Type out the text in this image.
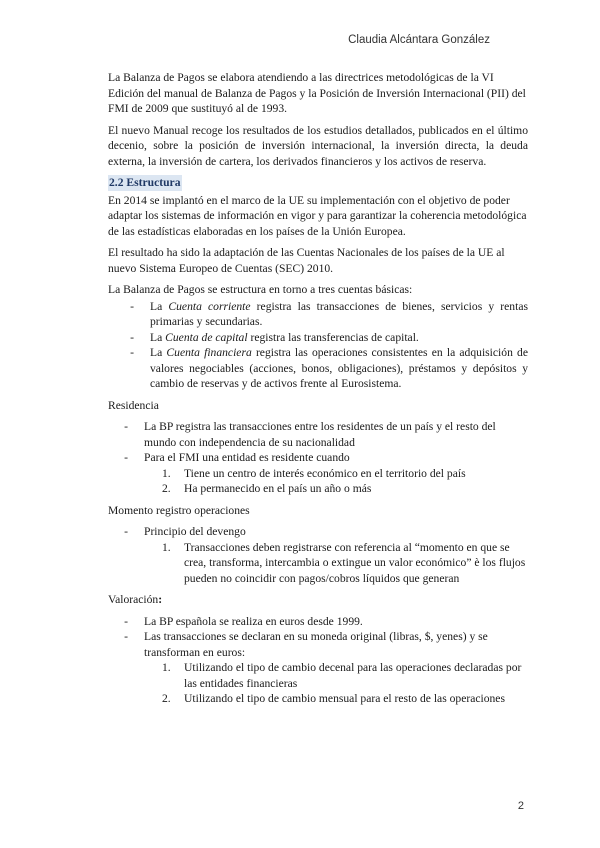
Claudia Alcántara González

La Balanza de Pagos se elabora atendiendo a las directrices metodológicas de la VI Edición del manual de Balanza de Pagos y la Posición de Inversión Internacional (PII) del FMI de 2009 que sustituyó al de 1993.

El nuevo Manual recoge los resultados de los estudios detallados, publicados en el último decenio, sobre la posición de inversión internacional, la inversión directa, la deuda externa, la inversión de cartera, los derivados financieros y los activos de reserva.

2.2 Estructura

En 2014 se implantó en el marco de la UE su implementación con el objetivo de poder adaptar los sistemas de información en vigor y para garantizar la coherencia metodológica de las estadísticas elaboradas en los países de la Unión Europea.

El resultado ha sido la adaptación de las Cuentas Nacionales de los países de la UE al nuevo Sistema Europeo de Cuentas (SEC) 2010.

La Balanza de Pagos se estructura en torno a tres cuentas básicas:

-	La Cuenta corriente registra las transacciones de bienes, servicios y rentas primarias y secundarias.
-	La Cuenta de capital registra las transferencias de capital.
-	La Cuenta financiera registra las operaciones consistentes en la adquisición de valores negociables (acciones, bonos, obligaciones), préstamos y depósitos y cambio de reservas y de activos frente al Eurosistema.

Residencia

-	La BP registra las transacciones entre los residentes de un país y el resto del mundo con independencia de su nacionalidad
-	Para el FMI una entidad es residente cuando
1.	Tiene un centro de interés económico en el territorio del país
2.	Ha permanecido en el país un año o más

Momento registro operaciones

-	Principio del devengo
1.	Transacciones deben registrarse con referencia al “momento en que se crea, transforma, intercambia o extingue un valor económico” è los flujos pueden no coincidir con pagos/cobros líquidos que generan

Valoración:

-	La BP española se realiza en euros desde 1999.
-	Las transacciones se declaran en su moneda original (libras, $, yenes) y se transforman en euros:
1.	Utilizando el tipo de cambio decenal para las operaciones declaradas por las entidades financieras
2.	Utilizando el tipo de cambio mensual para el resto de las operaciones
2
